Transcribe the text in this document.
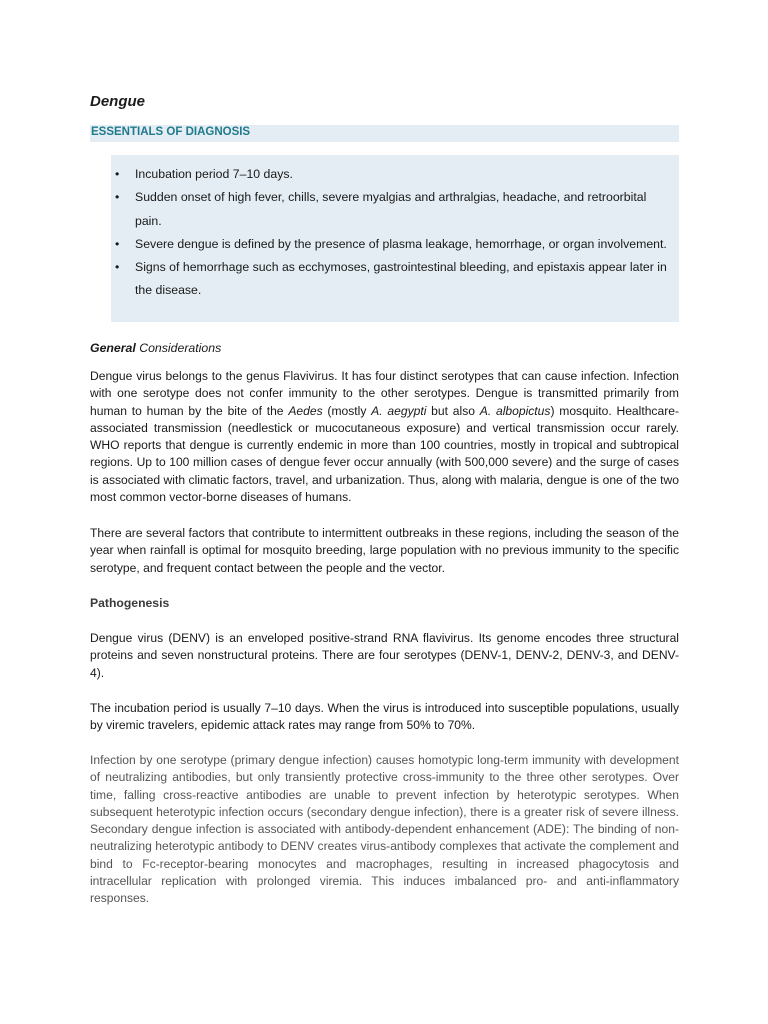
Dengue
ESSENTIALS OF DIAGNOSIS
• Incubation period 7–10 days.
• Sudden onset of high fever, chills, severe myalgias and arthralgias, headache, and retroorbital pain.
• Severe dengue is defined by the presence of plasma leakage, hemorrhage, or organ involvement.
• Signs of hemorrhage such as ecchymoses, gastrointestinal bleeding, and epistaxis appear later in the disease.
General Considerations

Dengue virus belongs to the genus Flavivirus. It has four distinct serotypes that can cause infection. Infection with one serotype does not confer immunity to the other serotypes. Dengue is transmitted primarily from human to human by the bite of the Aedes (mostly A. aegypti but also A. albopictus) mosquito. Healthcare-associated transmission (needlestick or mucocutaneous exposure) and vertical transmission occur rarely. WHO reports that dengue is currently endemic in more than 100 countries, mostly in tropical and subtropical regions. Up to 100 million cases of dengue fever occur annually (with 500,000 severe) and the surge of cases is associated with climatic factors, travel, and urbanization. Thus, along with malaria, dengue is one of the two most common vector-borne diseases of humans.

There are several factors that contribute to intermittent outbreaks in these regions, including the season of the year when rainfall is optimal for mosquito breeding, large population with no previous immunity to the specific serotype, and frequent contact between the people and the vector.

Pathogenesis

Dengue virus (DENV) is an enveloped positive-strand RNA flavivirus. Its genome encodes three structural proteins and seven nonstructural proteins. There are four serotypes (DENV-1, DENV-2, DENV-3, and DENV-4).

The incubation period is usually 7–10 days. When the virus is introduced into susceptible populations, usually by viremic travelers, epidemic attack rates may range from 50% to 70%.

Infection by one serotype (primary dengue infection) causes homotypic long-term immunity with development of neutralizing antibodies, but only transiently protective cross-immunity to the three other serotypes. Over time, falling cross-reactive antibodies are unable to prevent infection by heterotypic serotypes. When subsequent heterotypic infection occurs (secondary dengue infection), there is a greater risk of severe illness. Secondary dengue infection is associated with antibody-dependent enhancement (ADE): The binding of non-neutralizing heterotypic antibody to DENV creates virus-antibody complexes that activate the complement and bind to Fc-receptor-bearing monocytes and macrophages, resulting in increased phagocytosis and intracellular replication with prolonged viremia. This induces imbalanced pro- and anti-inflammatory responses.
